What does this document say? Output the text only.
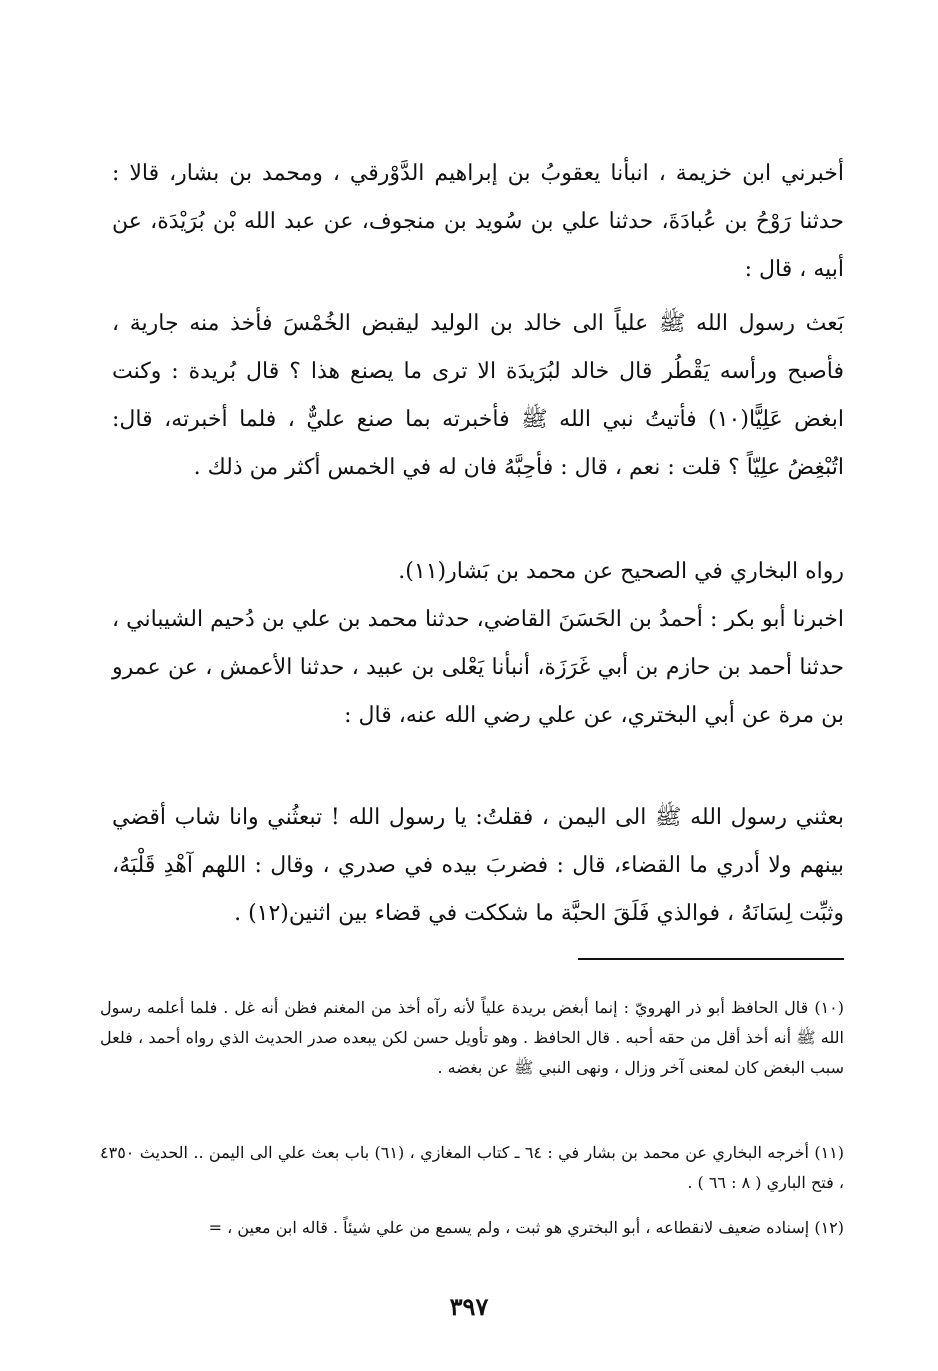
أخبرني ابن خزيمة ، انبأنا يعقوبُ بن إبراهيم الدَّوْرقي ، ومحمد بن بشار، قالا : حدثنا رَوْحُ بن عُبادَةَ، حدثنا علي بن سُويد بن منجوف، عن عبد الله بْن بُرَيْدَة، عن أبيه ، قال :

بَعث رسول الله ﷺ علياً الى خالد بن الوليد ليقبض الخُمْسَ فأخذ منه جارية ، فأصبح ورأسه يَقْطُر قال خالد لبُرَيدَة الا ترى ما يصنع هذا ؟ قال بُريدة : وكنت ابغض عَلِيًّا(١٠) فأتيتُ نبي الله ﷺ فأخبرته بما صنع عليٌّ ، فلما أخبرته، قال: اتُبْغِضُ علِيّاً ؟ قلت : نعم ، قال : فأحِبَّهُ فان له في الخمس أكثر من ذلك .

رواه البخاري في الصحيح عن محمد بن بَشار(١١).

اخبرنا أبو بكر : أحمدُ بن الحَسَنَ القاضي، حدثنا محمد بن علي بن دُحيم الشيباني ، حدثنا أحمد بن حازم بن أبي غَرَزَة، أنبأنا يَعْلى بن عبيد ، حدثنا الأعمش ، عن عمرو بن مرة عن أبي البختري، عن علي رضي الله عنه، قال :

بعثني رسول الله ﷺ الى اليمن ، فقلتُ: يا رسول الله ! تبعثُني وانا شاب أقضي بينهم ولا أدري ما القضاء، قال : فضربَ بيده في صدري ، وقال : اللهم آهْدِ قَلْبَهُ، وثبِّت لِسَانَهُ ، فوالذي فَلَقَ الحبَّة ما شككت في قضاء بين اثنين(١٢) .

(١٠) قال الحافظ أبو ذر الهرويّ : إنما أبغض بريدة علياً لأنه رآه أخذ من المغنم فظن أنه غل . فلما أعلمه رسول الله ﷺ أنه أخذ أقل من حقه أحبه . قال الحافظ . وهو تأويل حسن لكن يبعده صدر الحديث الذي رواه أحمد ، فلعل سبب البغض كان لمعنى آخر وزال ، ونهى النبي ﷺ عن بغضه .

(١١) أخرجه البخاري عن محمد بن بشار في : ٦٤ ـ كتاب المغازي ، (٦١) باب بعث علي الى اليمن .. الحديث ٤٣٥٠ ، فتح الباري ( ٨ : ٦٦ ) .

(١٢) إسناده ضعيف لانقطاعه ، أبو البختري هو ثبت ، ولم يسمع من علي شيئاً . قاله ابن معين ، =

٣٩٧
